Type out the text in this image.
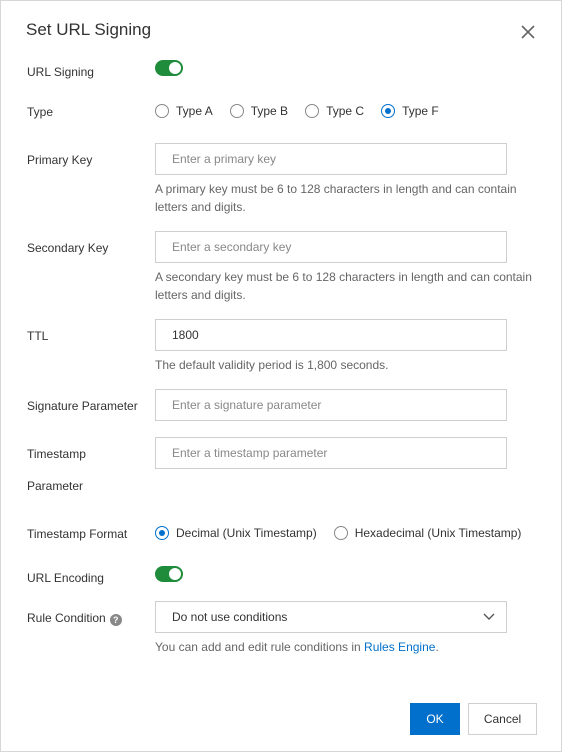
Set URL Signing
URL Signing
Type	Type A	Type B	Type C	Type F
Primary Key
Enter a primary key
A primary key must be 6 to 128 characters in length and can contain letters and digits.
Secondary Key
Enter a secondary key
A secondary key must be 6 to 128 characters in length and can contain letters and digits.
TTL
1800
The default validity period is 1,800 seconds.
Signature Parameter
Enter a signature parameter
Timestamp
Parameter
Enter a timestamp parameter
Timestamp Format	Decimal (Unix Timestamp)	Hexadecimal (Unix Timestamp)
URL Encoding
Rule Condition ?	Do not use conditions
You can add and edit rule conditions in Rules Engine.
OK	Cancel
